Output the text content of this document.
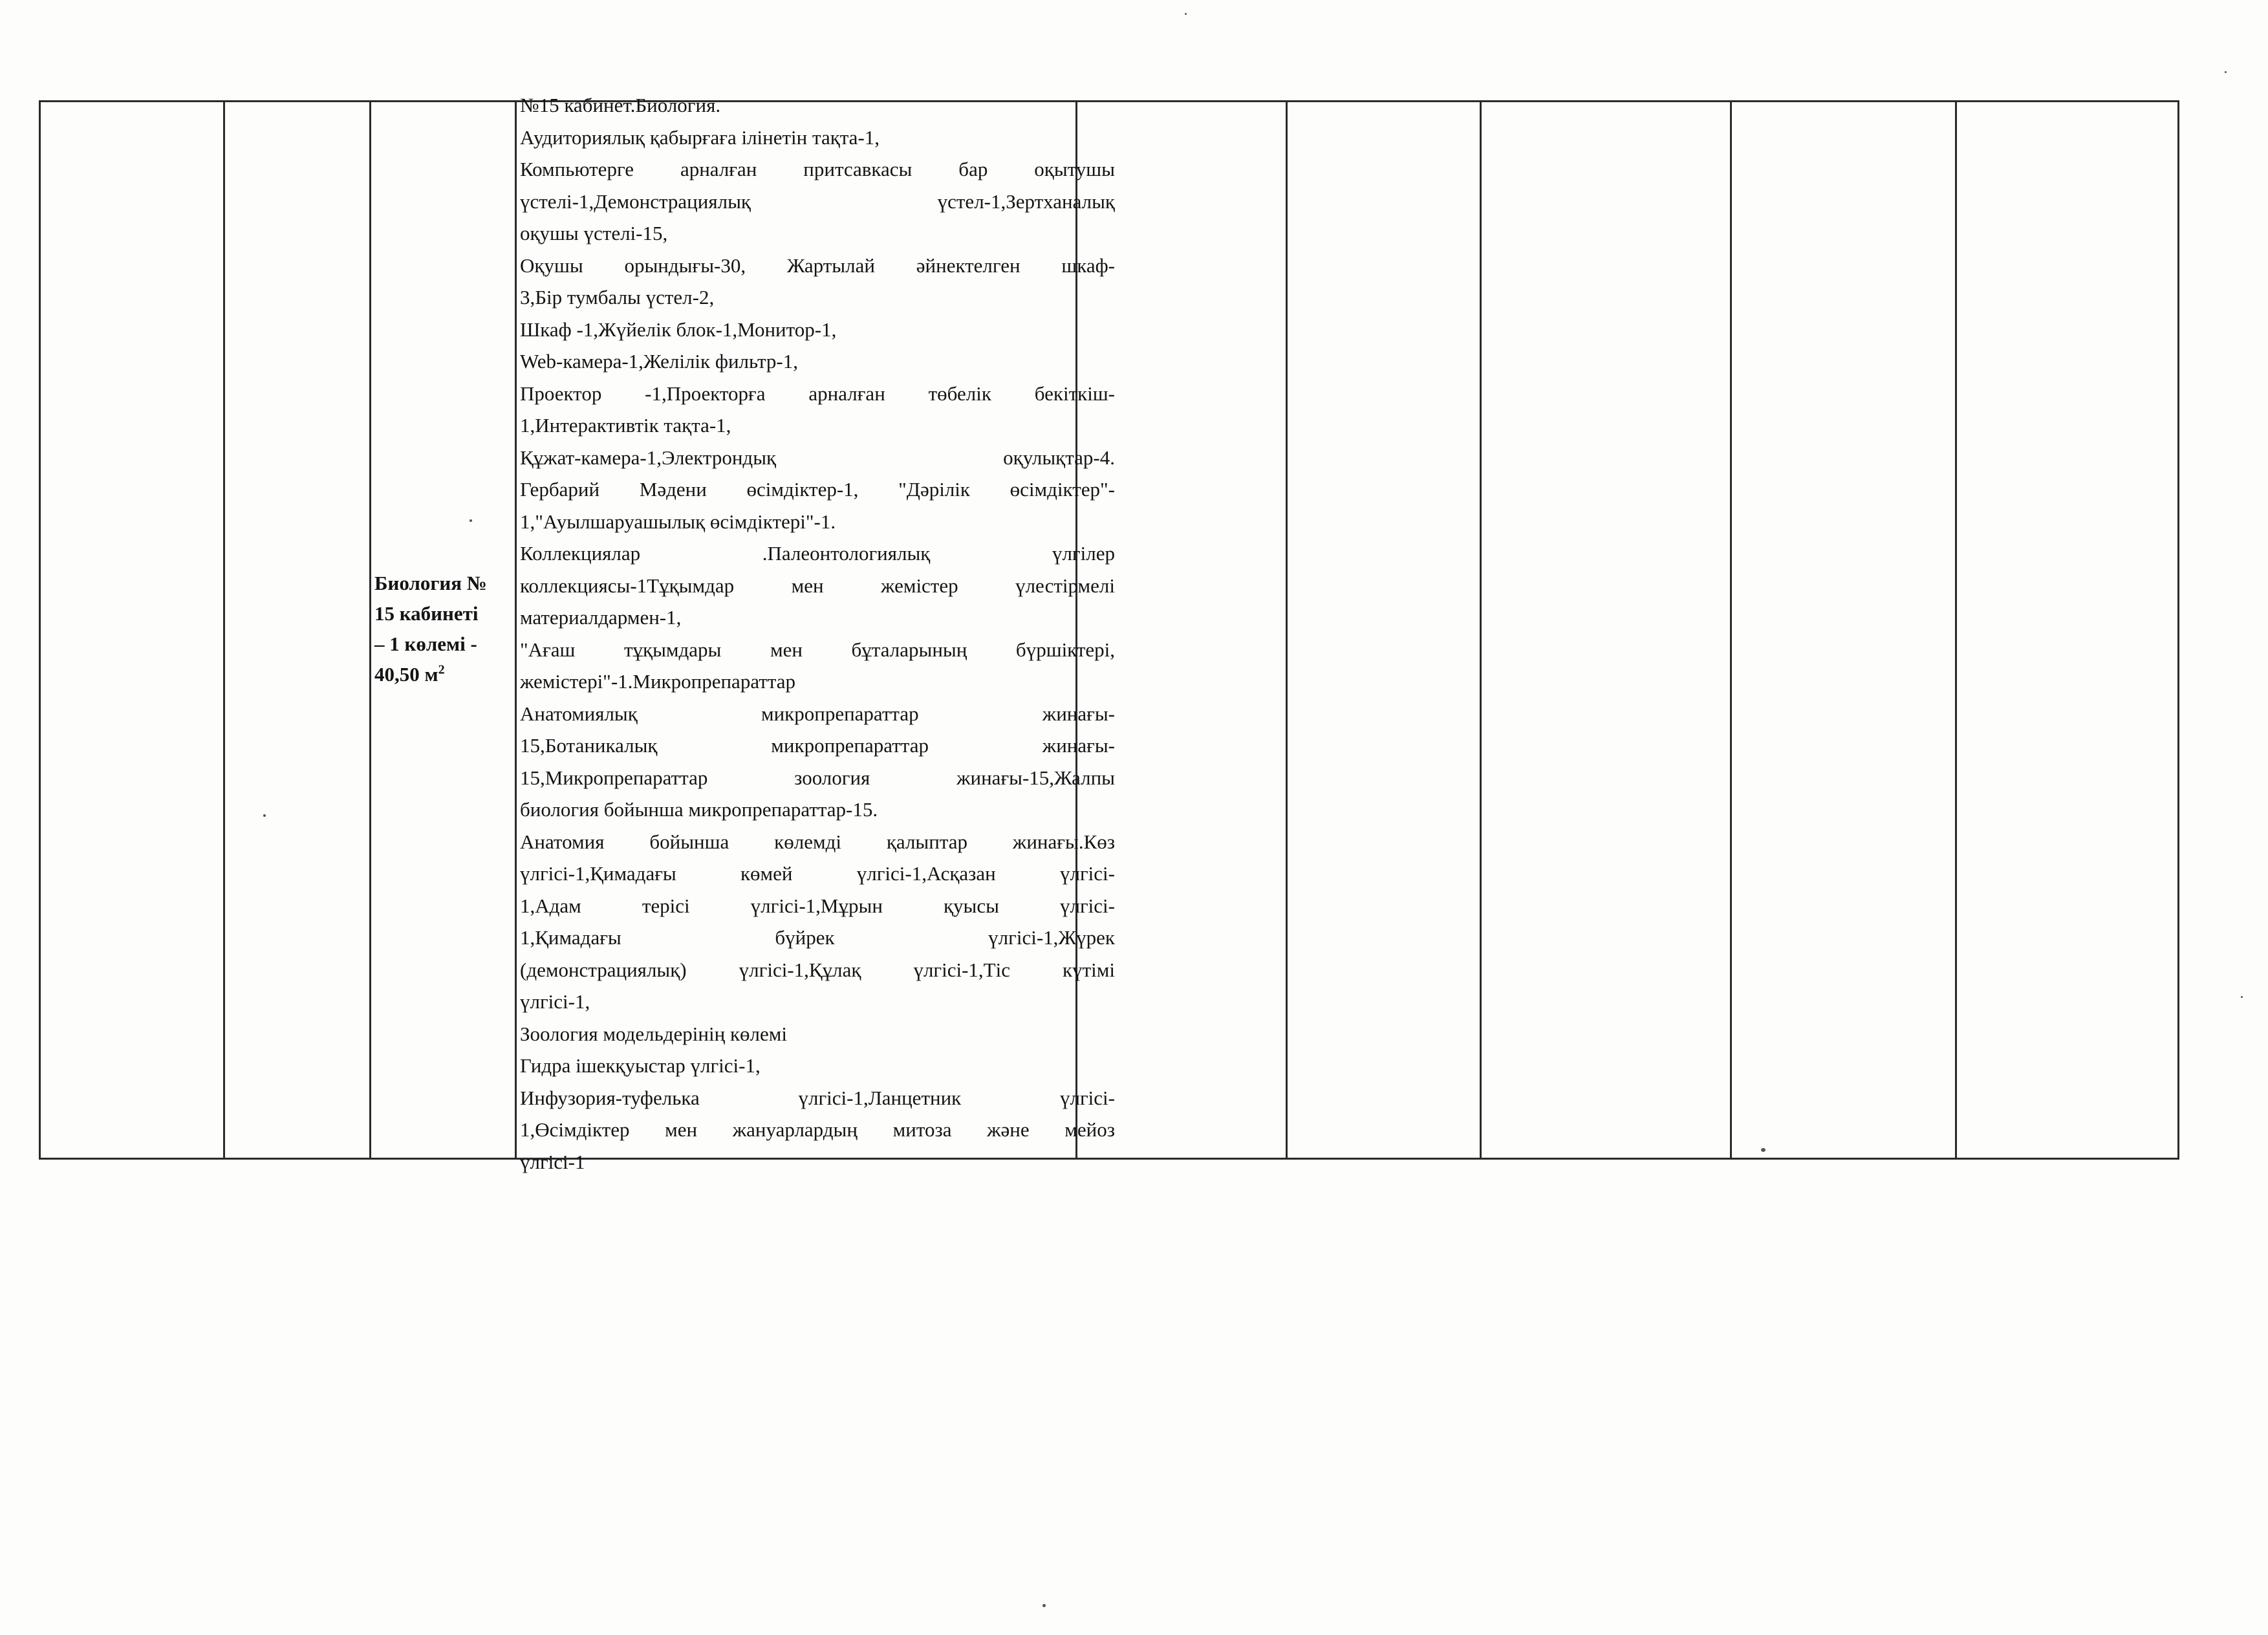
Биология №
15 кабинеті
– 1 көлемі -
40,50 $м^2$
№15 кабинет.Биология.
Аудиториялық қабырғаға ілінетін тақта-1,
Компьютерге арналған притсавкасы бар оқытушы
үстелі-1,Демонстрациялық үстел-1,Зертханалық
оқушы үстелі-15,
Оқушы орындығы-30, Жартылай әйнектелген шкаф-
3,Бір тумбалы үстел-2,
Шкаф -1,Жүйелік блок-1,Монитор-1,
Web-камера-1,Желілік фильтр-1,
Проектор -1,Проекторға арналған төбелік бекіткіш-
1,Интерактивтік тақта-1,
Құжат-камера-1,Электрондық оқулықтар-4.
Гербарий Мәдени өсімдіктер-1, "Дәрілік өсімдіктер"-
1,"Ауылшаруашылық өсімдіктері"-1.
Коллекциялар .Палеонтологиялық үлгілер
коллекциясы-1Тұқымдар мен жемістер үлестірмелі
материалдармен-1,
"Ағаш тұқымдары мен бұталарының бүршіктері,
жемістері"-1.Микропрепараттар
Анатомиялық микропрепараттар жинағы-
15,Ботаникалық микропрепараттар жинағы-
15,Микропрепараттар зоология жинағы-15,Жалпы
биология бойынша микропрепараттар-15.
Анатомия бойынша көлемді қалыптар жинағы.Көз
үлгісі-1,Қимадағы көмей үлгісі-1,Асқазан үлгісі-
1,Адам терісі үлгісі-1,Мұрын қуысы үлгісі-
1,Қимадағы бүйрек үлгісі-1,Жүрек
(демонстрациялық) үлгісі-1,Құлақ үлгісі-1,Тіс күтімі
үлгісі-1,
Зоология модельдерінің көлемі
Гидра ішекқуыстар үлгісі-1,
Инфузория-туфелька үлгісі-1,Ланцетник үлгісі-
1,Өсімдіктер мен жануарлардың митоза және мейоз
үлгісі-1
